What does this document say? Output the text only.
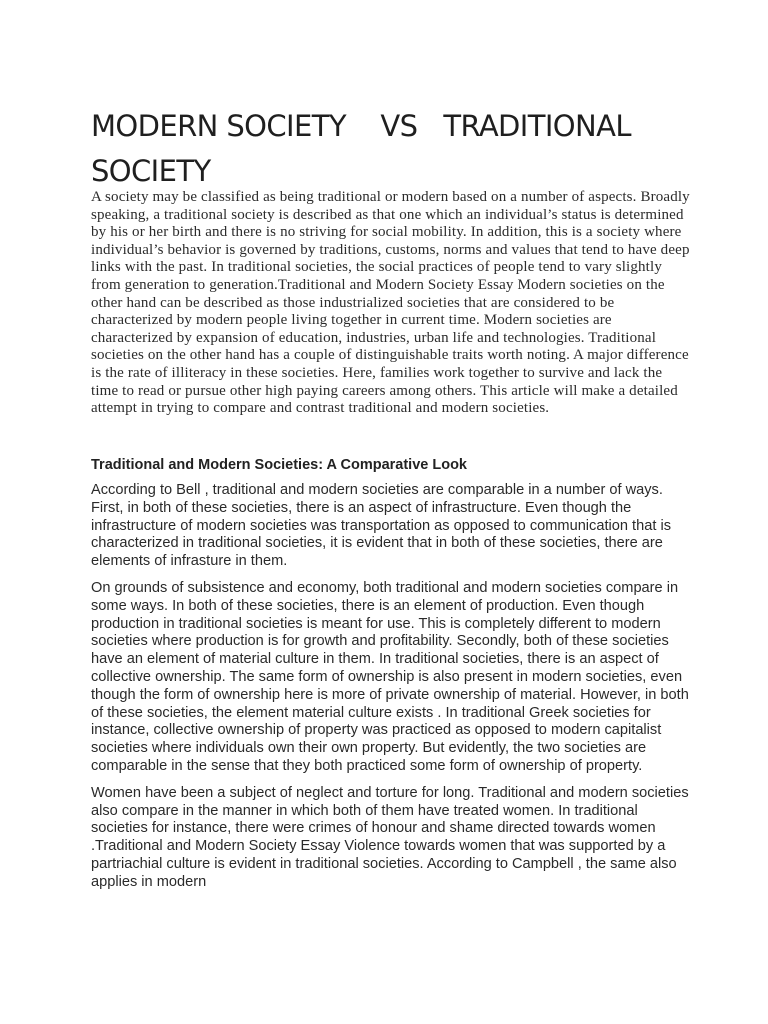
MODERN SOCIETY    VS   TRADITIONAL SOCIETY

A society may be classified as being traditional or modern based on a number of aspects. Broadly speaking, a traditional society is described as that one which an individual’s status is determined by his or her birth and there is no striving for social mobility. In addition, this is a society where individual’s behavior is governed by traditions, customs, norms and values that tend to have deep links with the past. In traditional societies, the social practices of people tend to vary slightly from generation to generation.Traditional and Modern Society Essay Modern societies on the other hand can be described as those industrialized societies that are considered to be characterized by modern people living together in current time. Modern societies are characterized by expansion of education, industries, urban life and technologies. Traditional societies on the other hand has a couple of distinguishable traits worth noting. A major difference is the rate of illiteracy in these societies. Here, families work together to survive and lack the time to read or pursue other high paying careers among others. This article will make a detailed attempt in trying to compare and contrast traditional and modern societies.

Traditional and Modern Societies: A Comparative Look

According to Bell , traditional and modern societies are comparable in a number of ways. First, in both of these societies, there is an aspect of infrastructure. Even though the infrastructure of modern societies was transportation as opposed to communication that is characterized in traditional societies, it is evident that in both of these societies, there are elements of infrasture in them.

On grounds of subsistence and economy, both traditional and modern societies compare in some ways. In both of these societies, there is an element of production. Even though production in traditional societies is meant for use. This is completely different to modern societies where production is for growth and profitability. Secondly, both of these societies have an element of material culture in them. In traditional societies, there is an aspect of collective ownership. The same form of ownership is also present in modern societies, even though the form of ownership here is more of private ownership of material. However, in both of these societies, the element material culture exists . In traditional Greek societies for instance, collective ownership of property was practiced as opposed to modern capitalist societies where individuals own their own property. But evidently, the two societies are comparable in the sense that they both practiced some form of ownership of property.

Women have been a subject of neglect and torture for long. Traditional and modern societies also compare in the manner in which both of them have treated women. In traditional societies for instance, there were crimes of honour and shame directed towards women .Traditional and Modern Society Essay Violence towards women that was supported by a partriachial culture is evident in traditional societies. According to Campbell , the same also applies in modern
